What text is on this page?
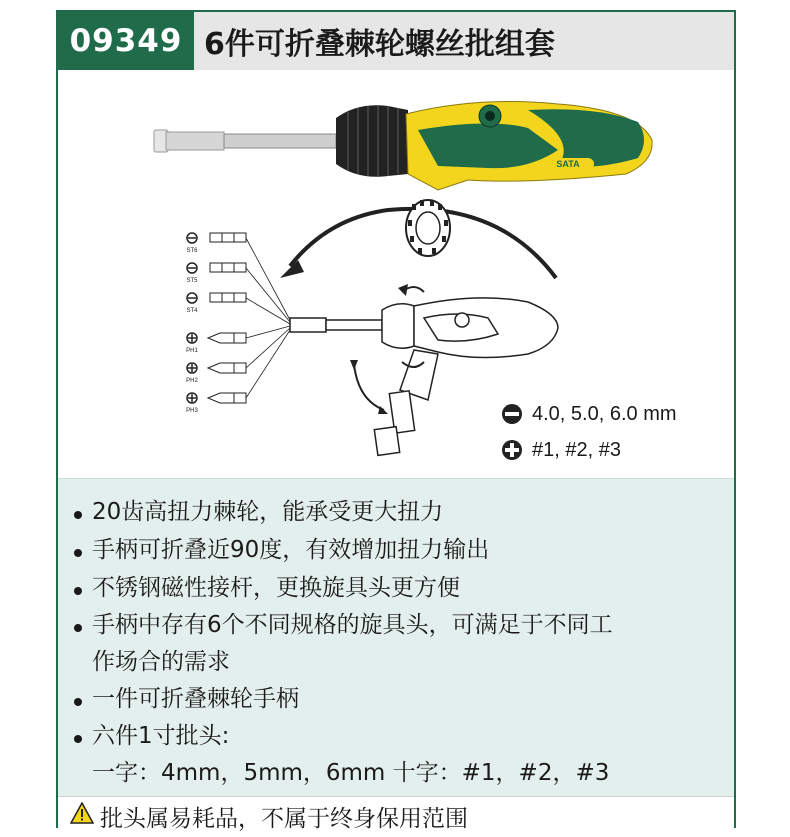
09349 6件可折叠棘轮螺丝批组套
SATA
ST6
ST5
ST4
PH1
PH2
PH3	4.0, 5.0, 6.0 mm
#1, #2, #3
20齿高扭力棘轮，能承受更大扭力
手柄可折叠近90度，有效增加扭力输出
不锈钢磁性接杆，更换旋具头更方便
手柄中存有6个不同规格的旋具头，可满足于不同工
作场合的需求
一件可折叠棘轮手柄
六件1寸批头:
一字：4mm，5mm，6mm 十字：#1，#2，#3
批头属易耗品，不属于终身保用范围
